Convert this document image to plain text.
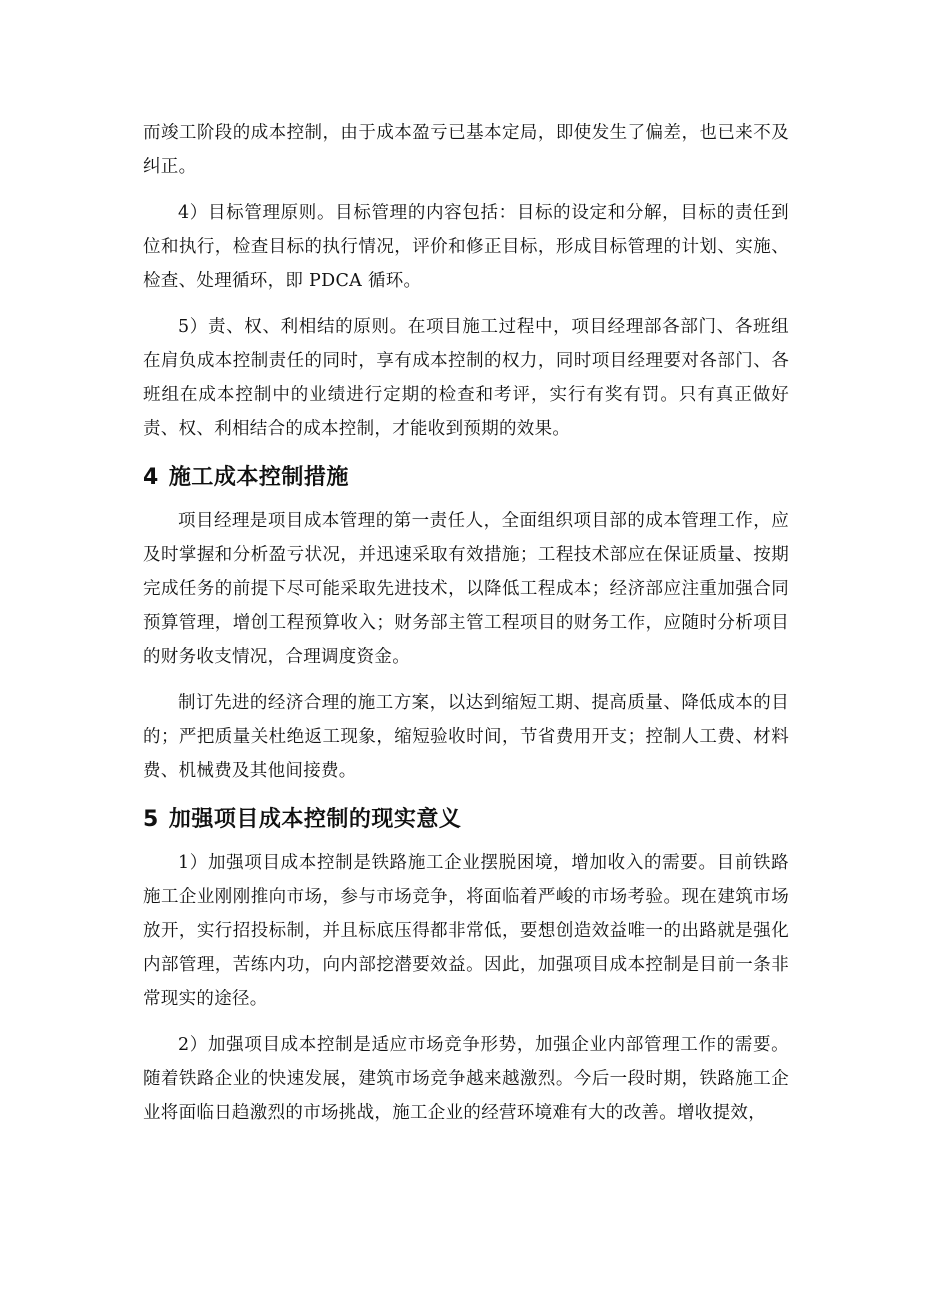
而竣工阶段的成本控制，由于成本盈亏已基本定局，即使发生了偏差，也已来不及纠正。

4）目标管理原则。目标管理的内容包括：目标的设定和分解，目标的责任到位和执行，检查目标的执行情况，评价和修正目标，形成目标管理的计划、实施、检查、处理循环，即 PDCA 循环。

5）责、权、利相结的原则。在项目施工过程中，项目经理部各部门、各班组在肩负成本控制责任的同时，享有成本控制的权力，同时项目经理要对各部门、各班组在成本控制中的业绩进行定期的检查和考评，实行有奖有罚。只有真正做好责、权、利相结合的成本控制，才能收到预期的效果。

4 施工成本控制措施

项目经理是项目成本管理的第一责任人，全面组织项目部的成本管理工作，应及时掌握和分析盈亏状况，并迅速采取有效措施；工程技术部应在保证质量、按期完成任务的前提下尽可能采取先进技术，以降低工程成本；经济部应注重加强合同预算管理，增创工程预算收入；财务部主管工程项目的财务工作，应随时分析项目的财务收支情况，合理调度资金。

制订先进的经济合理的施工方案，以达到缩短工期、提高质量、降低成本的目的；严把质量关杜绝返工现象，缩短验收时间，节省费用开支；控制人工费、材料费、机械费及其他间接费。

5 加强项目成本控制的现实意义

1）加强项目成本控制是铁路施工企业摆脱困境，增加收入的需要。目前铁路施工企业刚刚推向市场，参与市场竞争，将面临着严峻的市场考验。现在建筑市场放开，实行招投标制，并且标底压得都非常低，要想创造效益唯一的出路就是强化内部管理，苦练内功，向内部挖潜要效益。因此，加强项目成本控制是目前一条非常现实的途径。

2）加强项目成本控制是适应市场竞争形势，加强企业内部管理工作的需要。随着铁路企业的快速发展，建筑市场竞争越来越激烈。今后一段时期，铁路施工企业将面临日趋激烈的市场挑战，施工企业的经营环境难有大的改善。增收提效，
